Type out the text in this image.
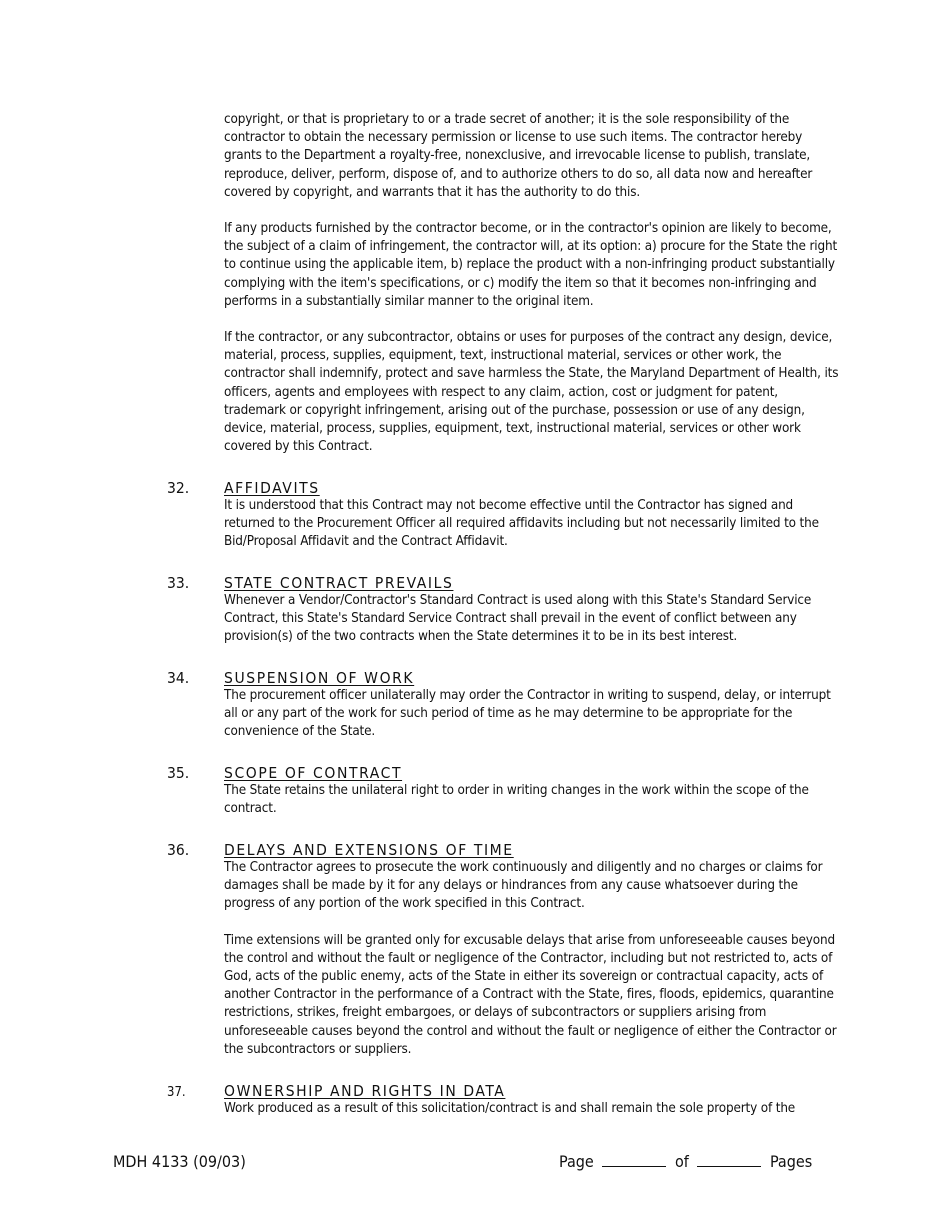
copyright, or that is proprietary to or a trade secret of another; it is the sole responsibility of the contractor to obtain the necessary permission or license to use such items. The contractor hereby grants to the Department a royalty-free, nonexclusive, and irrevocable license to publish, translate, reproduce, deliver, perform, dispose of, and to authorize others to do so, all data now and hereafter covered by copyright, and warrants that it has the authority to do this.

If any products furnished by the contractor become, or in the contractor's opinion are likely to become, the subject of a claim of infringement, the contractor will, at its option: a) procure for the State the right to continue using the applicable item, b) replace the product with a non-infringing product substantially complying with the item's specifications, or c) modify the item so that it becomes non-infringing and performs in a substantially similar manner to the original item.

If the contractor, or any subcontractor, obtains or uses for purposes of the contract any design, device, material, process, supplies, equipment, text, instructional material, services or other work, the contractor shall indemnify, protect and save harmless the State, the Maryland Department of Health, its officers, agents and employees with respect to any claim, action, cost or judgment for patent, trademark or copyright infringement, arising out of the purchase, possession or use of any design, device, material, process, supplies, equipment, text, instructional material, services or other work covered by this Contract.

32. AFFIDAVITS

It is understood that this Contract may not become effective until the Contractor has signed and returned to the Procurement Officer all required affidavits including but not necessarily limited to the Bid/Proposal Affidavit and the Contract Affidavit.

33. STATE CONTRACT PREVAILS

Whenever a Vendor/Contractor's Standard Contract is used along with this State's Standard Service Contract, this State's Standard Service Contract shall prevail in the event of conflict between any provision(s) of the two contracts when the State determines it to be in its best interest.

34. SUSPENSION OF WORK

The procurement officer unilaterally may order the Contractor in writing to suspend, delay, or interrupt all or any part of the work for such period of time as he may determine to be appropriate for the convenience of the State.

35. SCOPE OF CONTRACT

The State retains the unilateral right to order in writing changes in the work within the scope of the contract.

36. DELAYS AND EXTENSIONS OF TIME

The Contractor agrees to prosecute the work continuously and diligently and no charges or claims for damages shall be made by it for any delays or hindrances from any cause whatsoever during the progress of any portion of the work specified in this Contract.

Time extensions will be granted only for excusable delays that arise from unforeseeable causes beyond the control and without the fault or negligence of the Contractor, including but not restricted to, acts of God, acts of the public enemy, acts of the State in either its sovereign or contractual capacity, acts of another Contractor in the performance of a Contract with the State, fires, floods, epidemics, quarantine restrictions, strikes, freight embargoes, or delays of subcontractors or suppliers arising from unforeseeable causes beyond the control and without the fault or negligence of either the Contractor or the subcontractors or suppliers.

37. OWNERSHIP AND RIGHTS IN DATA

Work produced as a result of this solicitation/contract is and shall remain the sole property of the

MDH 4133 (09/03)	Page	of	Pages
